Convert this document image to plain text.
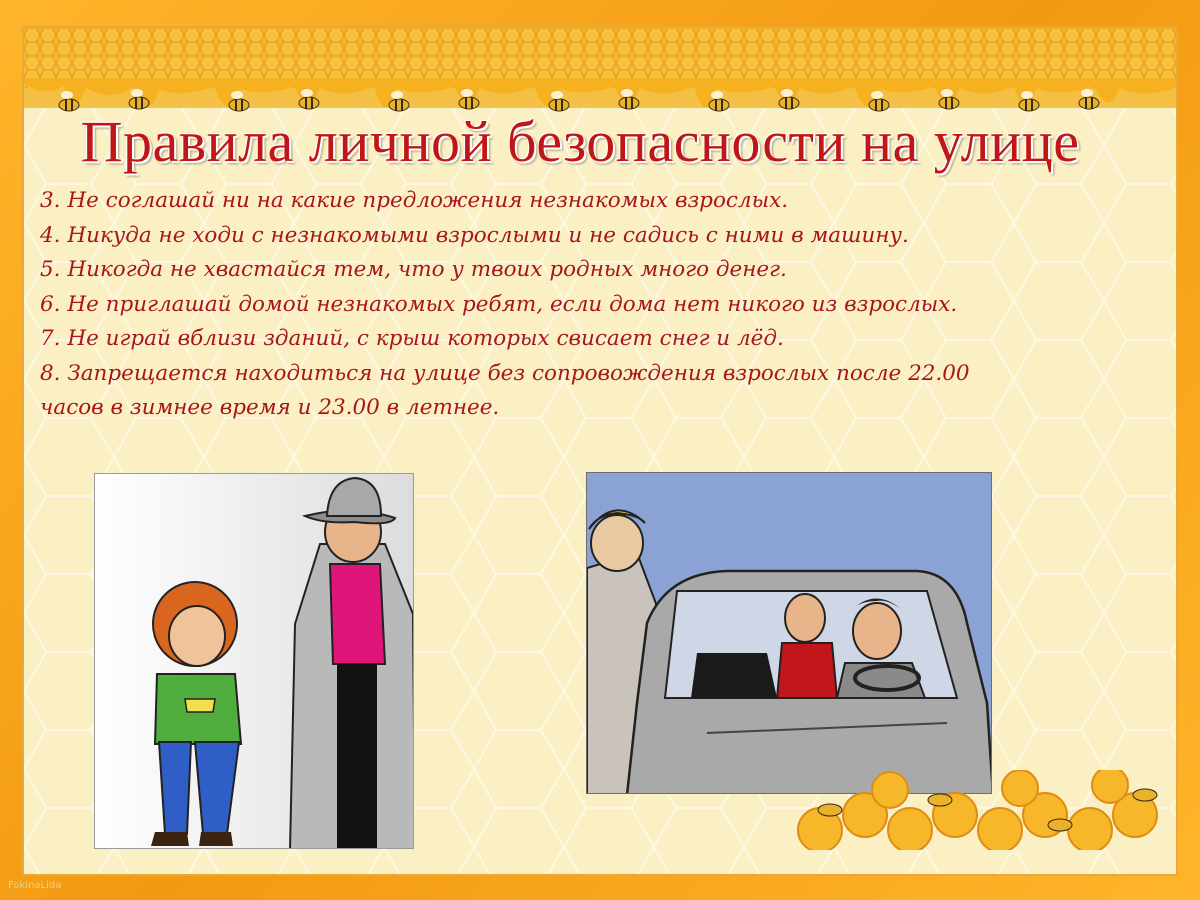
Правила личной безопасности на улице
3. Не соглашай ни на какие предложения незнакомых взрослых.
4. Никуда не ходи с незнакомыми взрослыми и не садись с ними в машину.
5. Никогда не хвастайся тем, что у твоих родных много денег.
6. Не приглашай домой незнакомых ребят, если дома нет никого из взрослых.
7. Не играй вблизи зданий, с крыш которых свисает снег и лёд.
8. Запрещается находиться на улице без сопровождения взрослых после 22.00
часов в зимнее время и 23.00 в летнее.
FokinaLida
